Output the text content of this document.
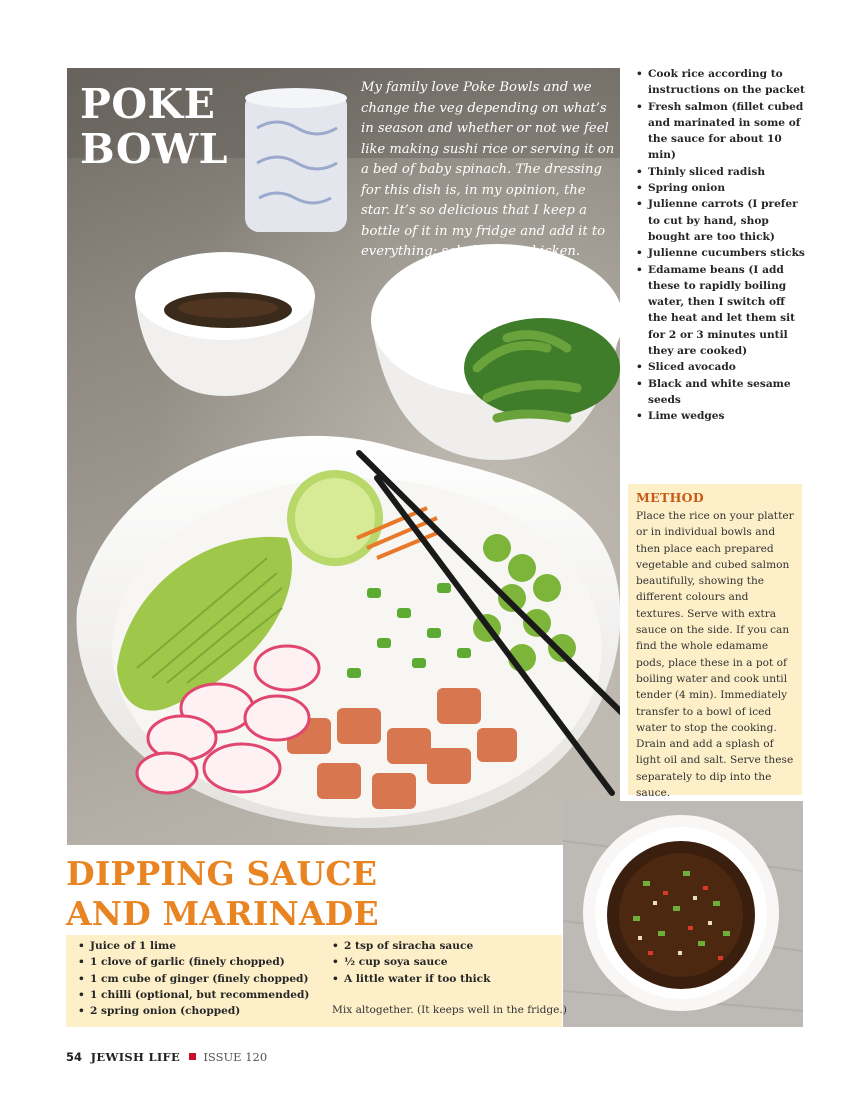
POKE
BOWL

My family love Poke Bowls and we change the veg depending on what’s in season and whether or not we feel like making sushi rice or serving it on a bed of baby spinach. The dressing for this dish is, in my opinion, the star. It’s so delicious that I keep a bottle of it in my fridge and add it to everything: salads, fish, chicken.

• Cook rice according to instructions on the packet
• Fresh salmon (fillet cubed and marinated in some of the sauce for about 10 min)
• Thinly sliced radish
• Spring onion
• Julienne carrots (I prefer to cut by hand, shop bought are too thick)
• Julienne cucumbers sticks
• Edamame beans (I add these to rapidly boiling water, then I switch off the heat and let them sit for 2 or 3 minutes until they are cooked)
• Sliced avocado
• Black and white sesame seeds
• Lime wedges
METHOD

Place the rice on your platter or in individual bowls and then place each prepared vegetable and cubed salmon beautifully, showing the different colours and textures. Serve with extra sauce on the side. If you can find the whole edamame pods, place these in a pot of boiling water and cook until tender (4 min). Immediately transfer to a bowl of iced water to stop the cooking. Drain and add a splash of light oil and salt. Serve these separately to dip into the sauce.

DIPPING SAUCE
AND MARINADE
• Juice of 1 lime
• 1 clove of garlic (finely chopped)
• 1 cm cube of ginger (finely chopped)
• 1 chilli (optional, but recommended)
• 2 spring onion (chopped)
• 2 tsp of siracha sauce
• ½ cup soya sauce
• A little water if too thick

Mix altogether. (It keeps well in the fridge.)

54 JEWISH LIFE ISSUE 120
